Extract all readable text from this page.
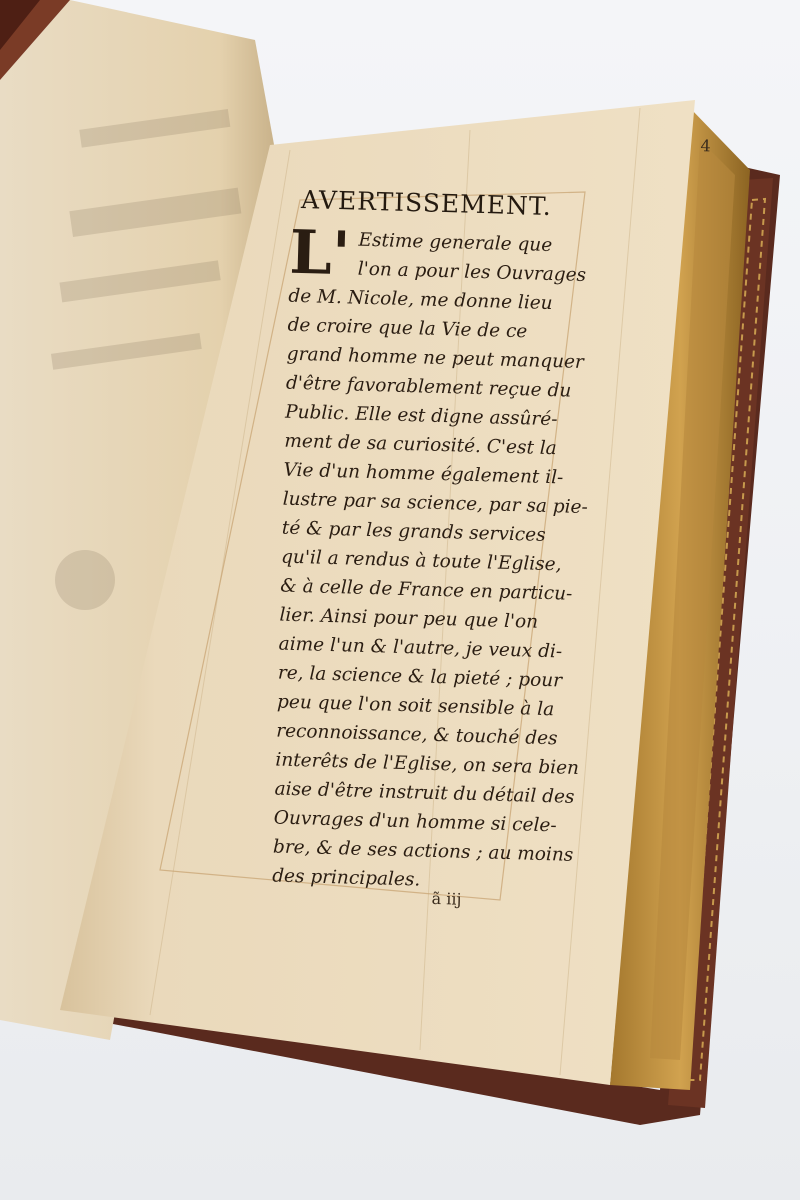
4
AVERTISSEMENT.
L'Estime generale que
l'on a pour les Ouvrages
de M. Nicole, me donne lieu
de croire que la Vie de ce
grand homme ne peut manquer
d'être favorablement reçue du
Public. Elle est digne assûré-
ment de sa curiosité. C'est la
Vie d'un homme également il-
lustre par sa science, par sa pie-
té & par les grands services
qu'il a rendus à toute l'Eglise,
& à celle de France en particu-
lier. Ainsi pour peu que l'on
aime l'un & l'autre, je veux di-
re, la science & la pieté ; pour
peu que l'on soit sensible à la
reconnoissance, & touché des
interêts de l'Eglise, on sera bien
aise d'être instruit du détail des
Ouvrages d'un homme si cele-
bre, & de ses actions ; au moins
des principales.
ã iij
